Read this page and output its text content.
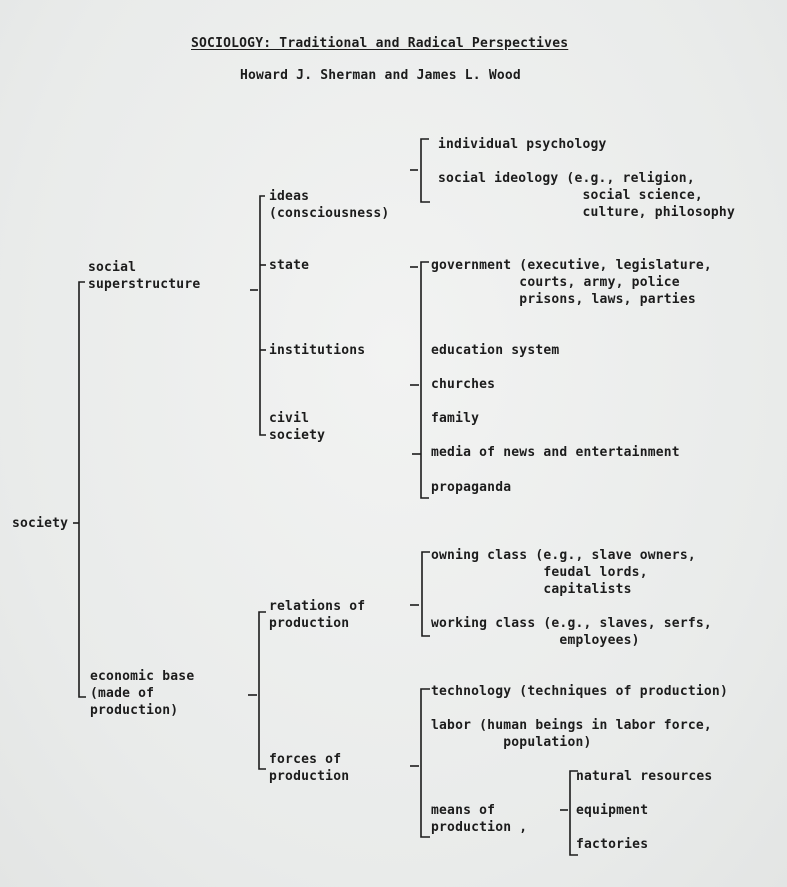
SOCIOLOGY: Traditional and Radical Perspectives
Howard J. Sherman and James L. Wood
society
social
superstructure
economic base
(made of
production)
ideas
(consciousness)
state
institutions
civil
society
individual psychology
social ideology (e.g., religion,
social science,
culture, philosophy
government (executive, legislature,
courts, army, police
prisons, laws, parties
education system
churches
family
media of news and entertainment
propaganda
relations of
production
forces of
production
owning class (e.g., slave owners,
feudal lords,
capitalists
working class (e.g., slaves, serfs,
employees)
technology (techniques of production)
labor (human beings in labor force,
population)
means of
production ,
natural resources
equipment
factories
